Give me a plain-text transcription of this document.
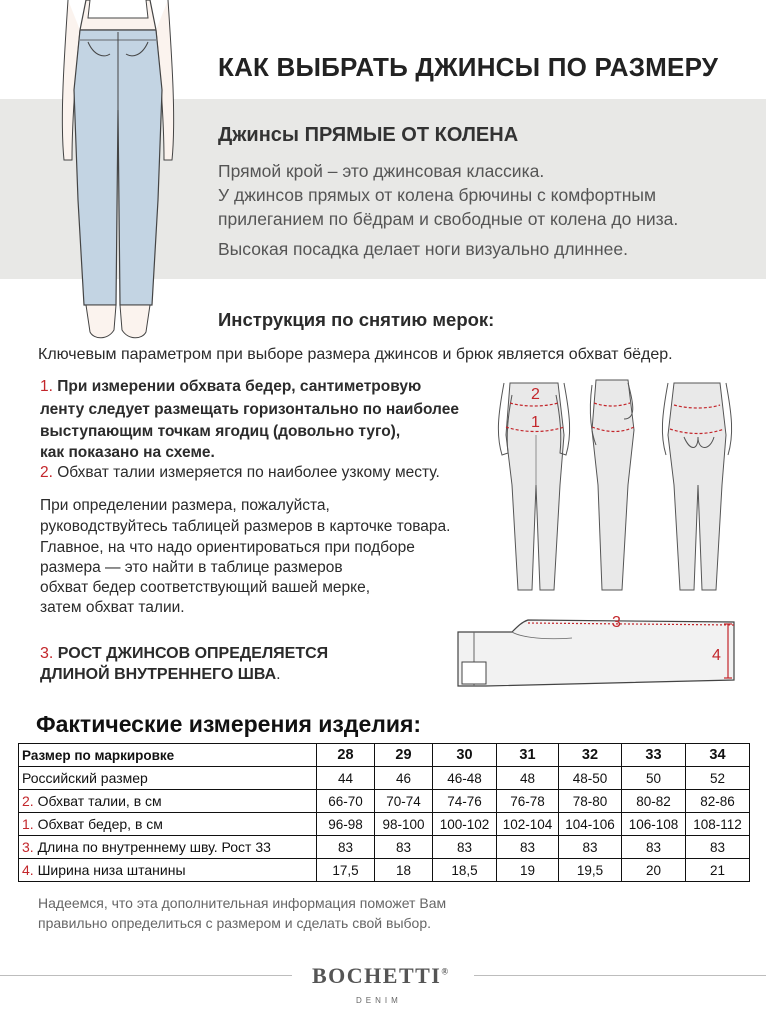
КАК ВЫБРАТЬ ДЖИНСЫ ПО РАЗМЕРУ
Джинсы ПРЯМЫЕ ОТ КОЛЕНА
Прямой крой – это джинсовая классика.
У джинсов прямых от колена брючины с комфортным
прилеганием по бёдрам и свободные от колена до низа.
Высокая посадка делает ноги визуально длиннее.
Инструкция по снятию мерок:
Ключевым параметром при выборе размера джинсов и брюк является обхват бёдер.
1. При измерении обхвата бедер, сантиметровую
ленту следует размещать горизонтально по наиболее
выступающим точкам ягодиц (довольно туго),
как показано на схеме.
2. Обхват талии измеряется по наиболее узкому месту.
При определении размера, пожалуйста,
руководствуйтесь таблицей размеров в карточке товара.
Главное, на что надо ориентироваться при подборе
размера — это найти в таблице размеров
обхват бедер соответствующий вашей мерке,
затем обхват талии.
3. РОСТ ДЖИНСОВ ОПРЕДЕЛЯЕТСЯ
ДЛИНОЙ ВНУТРЕННЕГО ШВА.
2
1
3
4
Фактические измерения изделия:
Размер по маркировке	28	29	30	31	32	33	34
Российский размер	44	46	46-48	48	48-50	50	52
2. Обхват талии, в см	66-70	70-74	74-76	76-78	78-80	80-82	82-86
1. Обхват бедер, в см	96-98	98-100	100-102	102-104	104-106	106-108	108-112
3. Длина по внутреннему шву. Рост 33	83	83	83	83	83	83	83
4. Ширина низа штанины	17,5	18	18,5	19	19,5	20	21
Надеемся, что эта дополнительная информация поможет Вам
правильно определиться с размером и сделать свой выбор.
BOCHETTI®
DENIM
